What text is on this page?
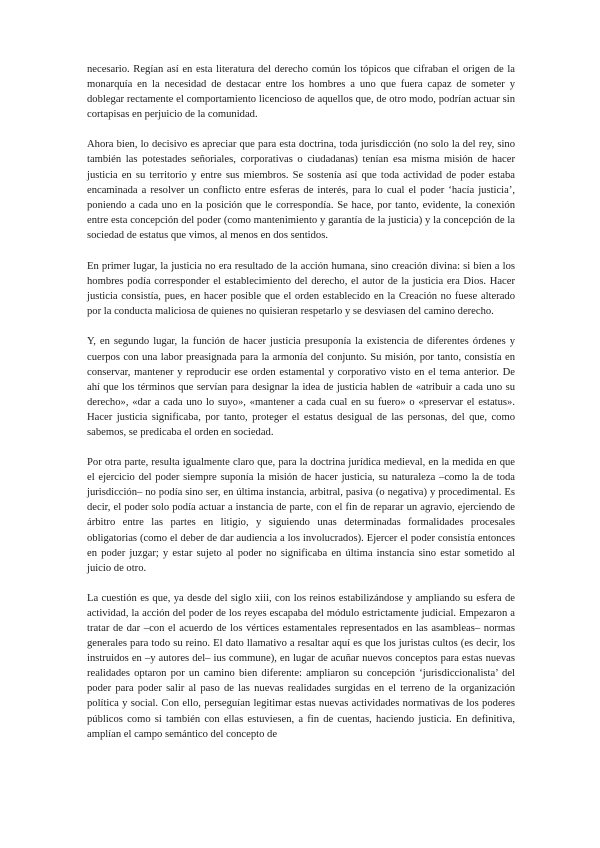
necesario. Regían así en esta literatura del derecho común los tópicos que cifraban el origen de la monarquía en la necesidad de destacar entre los hombres a uno que fuera capaz de someter y doblegar rectamente el comportamiento licencioso de aquellos que, de otro modo, podrían actuar sin cortapisas en perjuicio de la comunidad.

Ahora bien, lo decisivo es apreciar que para esta doctrina, toda jurisdicción (no solo la del rey, sino también las potestades señoriales, corporativas o ciudadanas) tenían esa misma misión de hacer justicia en su territorio y entre sus miembros. Se sostenía así que toda actividad de poder estaba encaminada a resolver un conflicto entre esferas de interés, para lo cual el poder ‘hacía justicia’, poniendo a cada uno en la posición que le correspondía. Se hace, por tanto, evidente, la conexión entre esta concepción del poder (como mantenimiento y garantía de la justicia) y la concepción de la sociedad de estatus que vimos, al menos en dos sentidos.

En primer lugar, la justicia no era resultado de la acción humana, sino creación divina: si bien a los hombres podía corresponder el establecimiento del derecho, el autor de la justicia era Dios. Hacer justicia consistía, pues, en hacer posible que el orden establecido en la Creación no fuese alterado por la conducta maliciosa de quienes no quisieran respetarlo y se desviasen del camino derecho.

Y, en segundo lugar, la función de hacer justicia presuponía la existencia de diferentes órdenes y cuerpos con una labor preasignada para la armonía del conjunto. Su misión, por tanto, consistía en conservar, mantener y reproducir ese orden estamental y corporativo visto en el tema anterior. De ahí que los términos que servían para designar la idea de justicia hablen de «atribuir a cada uno su derecho», «dar a cada uno lo suyo», «mantener a cada cual en su fuero» o «preservar el estatus». Hacer justicia significaba, por tanto, proteger el estatus desigual de las personas, del que, como sabemos, se predicaba el orden en sociedad.

Por otra parte, resulta igualmente claro que, para la doctrina jurídica medieval, en la medida en que el ejercicio del poder siempre suponía la misión de hacer justicia, su naturaleza –como la de toda jurisdicción– no podía sino ser, en última instancia, arbitral, pasiva (o negativa) y procedimental. Es decir, el poder solo podía actuar a instancia de parte, con el fin de reparar un agravio, ejerciendo de árbitro entre las partes en litigio, y siguiendo unas determinadas formalidades procesales obligatorias (como el deber de dar audiencia a los involucrados). Ejercer el poder consistía entonces en poder juzgar; y estar sujeto al poder no significaba en última instancia sino estar sometido al juicio de otro.

La cuestión es que, ya desde del siglo xiii, con los reinos estabilizándose y ampliando su esfera de actividad, la acción del poder de los reyes escapaba del módulo estrictamente judicial. Empezaron a tratar de dar –con el acuerdo de los vértices estamentales representados en las asambleas– normas generales para todo su reino. El dato llamativo a resaltar aquí es que los juristas cultos (es decir, los instruidos en –y autores del– ius commune), en lugar de acuñar nuevos conceptos para estas nuevas realidades optaron por un camino bien diferente: ampliaron su concepción ‘jurisdiccionalista’ del poder para poder salir al paso de las nuevas realidades surgidas en el terreno de la organización política y social. Con ello, perseguían legitimar estas nuevas actividades normativas de los poderes públicos como si también con ellas estuviesen, a fin de cuentas, haciendo justicia. En definitiva, amplían el campo semántico del concepto de
